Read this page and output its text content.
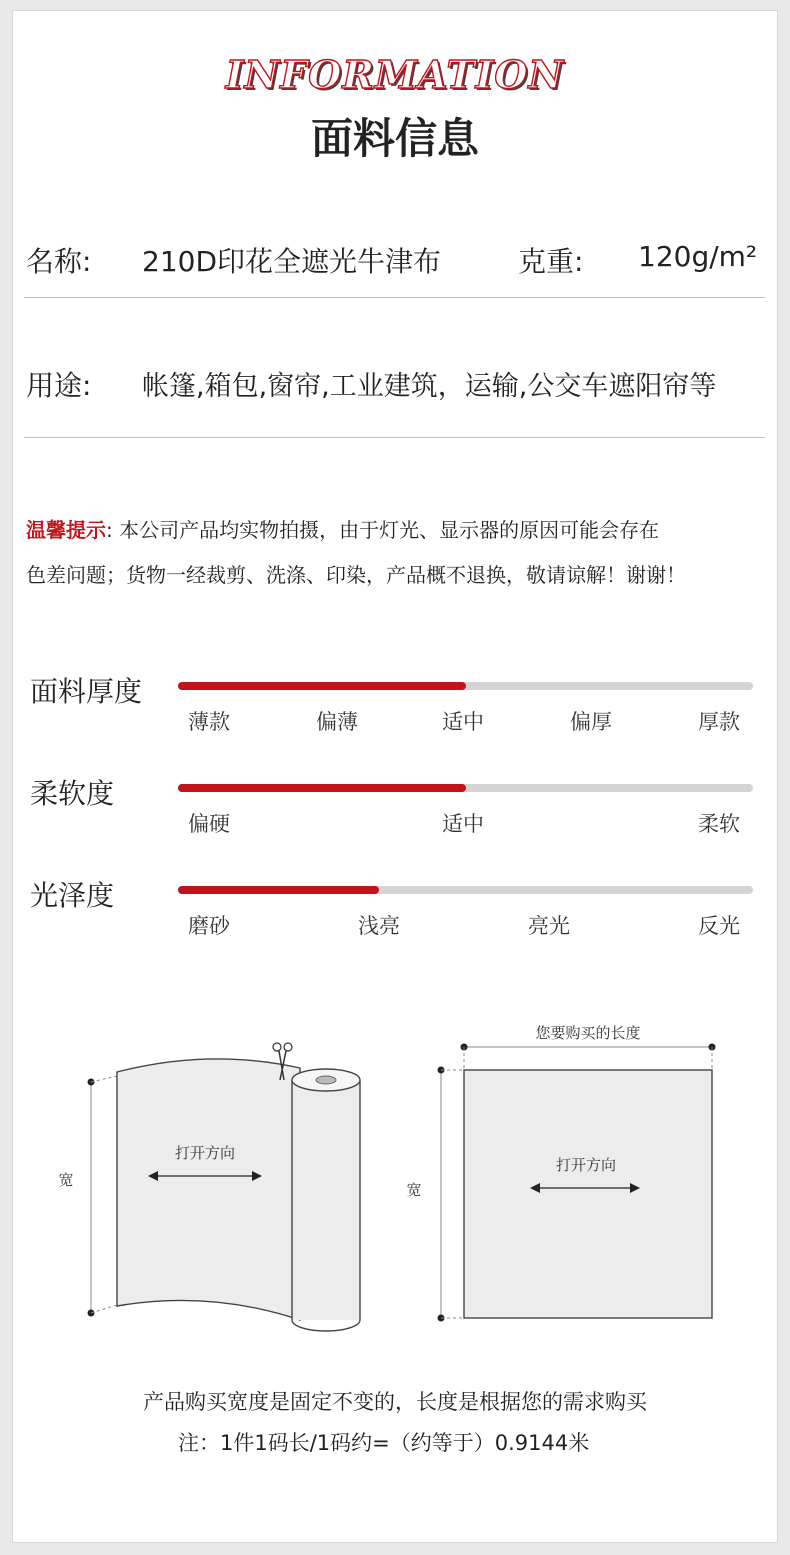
INFORMATION
面料信息
名称: 210D印花全遮光牛津布	克重: 120g/m²
用途: 帐篷,箱包,窗帘,工业建筑，运输,公交车遮阳帘等
温馨提示: 本公司产品均实物拍摄，由于灯光、显示器的原因可能会存在
色差问题；货物一经裁剪、洗涤、印染，产品概不退换，敬请谅解！谢谢！
面料厚度
薄款	偏薄	适中	偏厚	厚款
柔软度
偏硬	适中	柔软
光泽度
磨砂	浅亮	亮光	反光
打开方向
宽
您要购买的长度
打开方向
宽
产品购买宽度是固定不变的，长度是根据您的需求购买
注：1件1码长/1码约=（约等于）0.9144米
